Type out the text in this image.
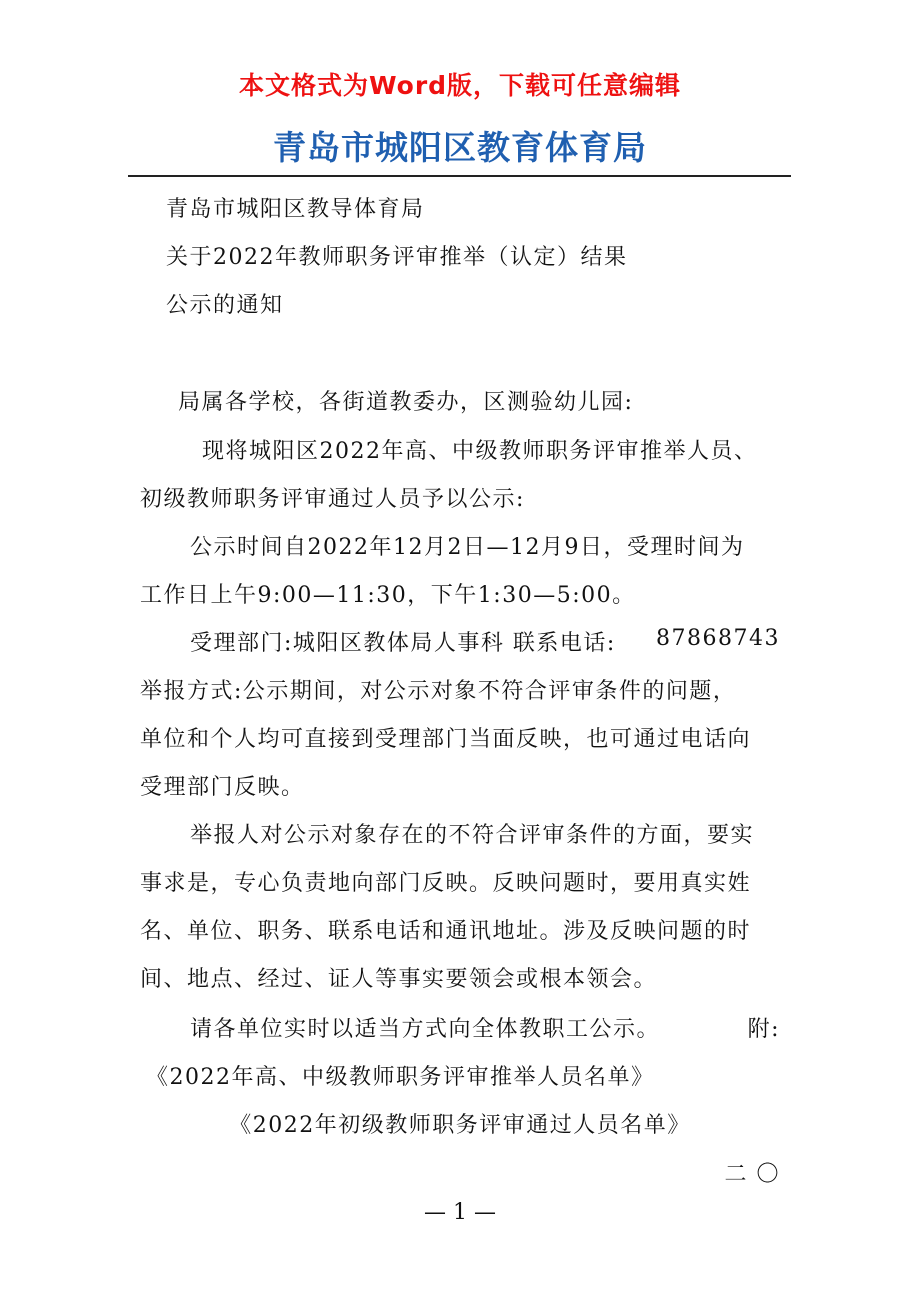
本文格式为Word版，下载可任意编辑
青岛市城阳区教育体育局
青岛市城阳区教导体育局
关于2022年教师职务评审推举（认定）结果
公示的通知
局属各学校，各街道教委办，区测验幼儿园:
现将城阳区2022年高、中级教师职务评审推举人员、
初级教师职务评审通过人员予以公示:
公示时间自2022年12月2日—12月9日，受理时间为
工作日上午9:00—11:30，下午1:30—5:00。
受理部门:城阳区教体局人事科 联系电话: 87868743
举报方式:公示期间，对公示对象不符合评审条件的问题，
单位和个人均可直接到受理部门当面反映，也可通过电话向
受理部门反映。
举报人对公示对象存在的不符合评审条件的方面，要实
事求是，专心负责地向部门反映。反映问题时，要用真实姓
名、单位、职务、联系电话和通讯地址。涉及反映问题的时
间、地点、经过、证人等事实要领会或根本领会。
请各单位实时以适当方式向全体教职工公示。	附:
《2022年高、中级教师职务评审推举人员名单》
《2022年初级教师职务评审通过人员名单》
二 〇
— 1 —
